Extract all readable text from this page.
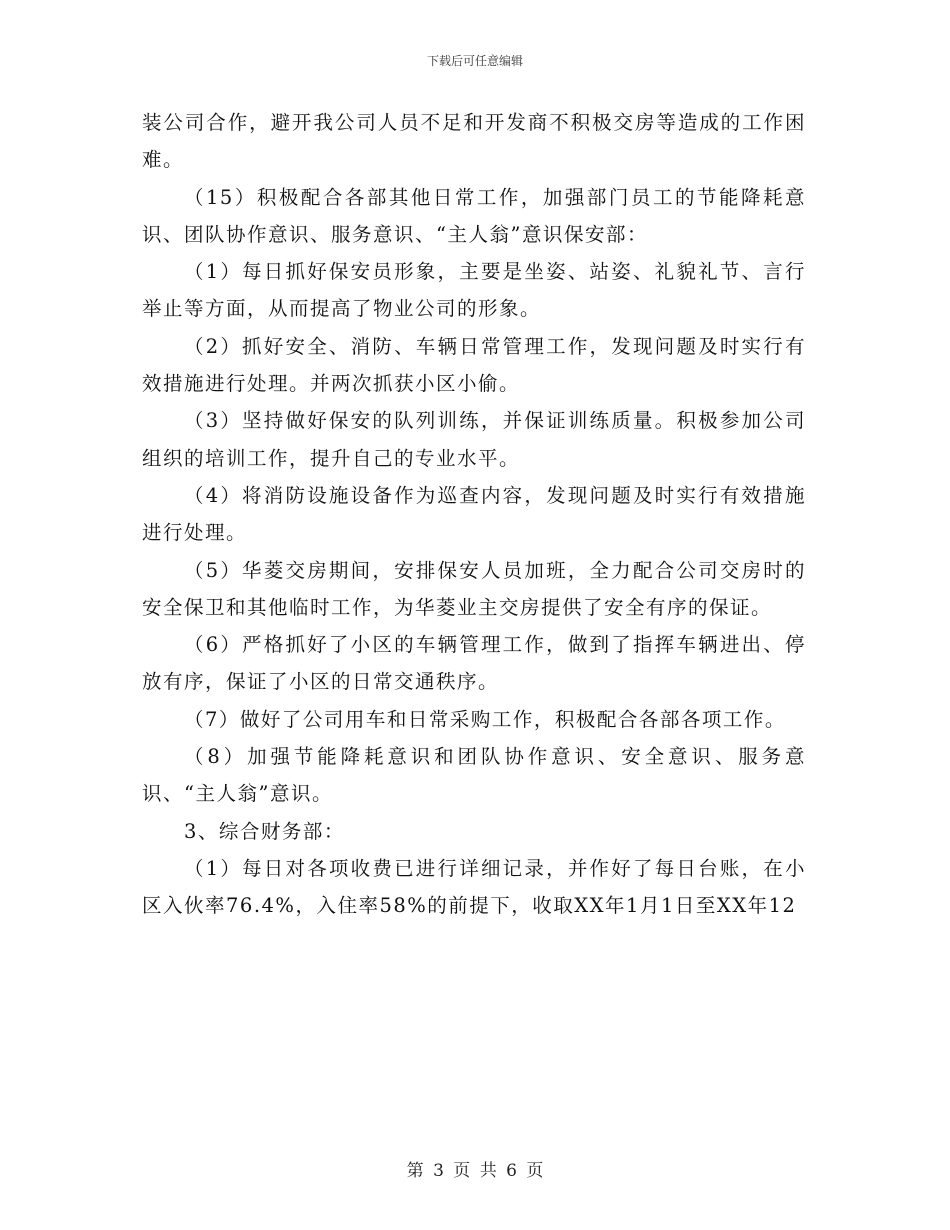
下载后可任意编辑

装公司合作，避开我公司人员不足和开发商不积极交房等造成的工作困难。

（15）积极配合各部其他日常工作，加强部门员工的节能降耗意识、团队协作意识、服务意识、“主人翁”意识保安部：

（1）每日抓好保安员形象，主要是坐姿、站姿、礼貌礼节、言行举止等方面，从而提高了物业公司的形象。

（2）抓好安全、消防、车辆日常管理工作，发现问题及时实行有效措施进行处理。并两次抓获小区小偷。

（3）坚持做好保安的队列训练，并保证训练质量。积极参加公司组织的培训工作，提升自己的专业水平。

（4）将消防设施设备作为巡查内容，发现问题及时实行有效措施进行处理。

（5）华菱交房期间，安排保安人员加班，全力配合公司交房时的安全保卫和其他临时工作，为华菱业主交房提供了安全有序的保证。

（6）严格抓好了小区的车辆管理工作，做到了指挥车辆进出、停放有序，保证了小区的日常交通秩序。

（7）做好了公司用车和日常采购工作，积极配合各部各项工作。

（8）加强节能降耗意识和团队协作意识、安全意识、服务意识、“主人翁”意识。

3、综合财务部：

（1）每日对各项收费已进行详细记录，并作好了每日台账，在小区入伙率76.4%，入住率58%的前提下，收取XX年1月1日至XX年12

第 3 页 共 6 页
